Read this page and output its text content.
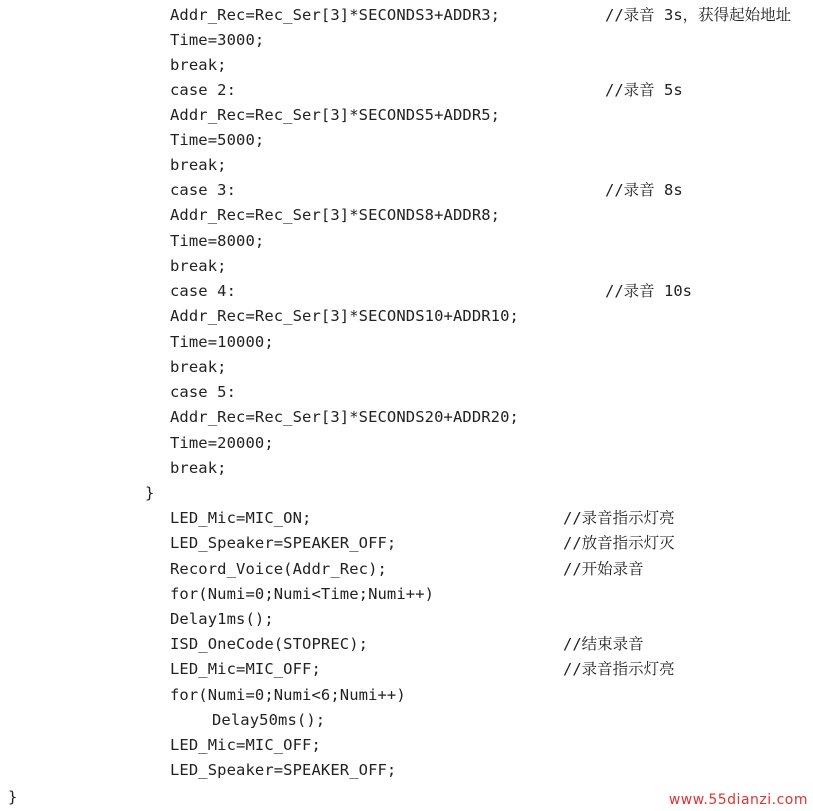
Addr_Rec=Rec_Ser[3]*SECONDS3+ADDR3;	//录音 3s，获得起始地址
Time=3000;
break;
case 2:	//录音 5s
Addr_Rec=Rec_Ser[3]*SECONDS5+ADDR5;
Time=5000;
break;
case 3:	//录音 8s
Addr_Rec=Rec_Ser[3]*SECONDS8+ADDR8;
Time=8000;
break;
case 4:	//录音 10s
Addr_Rec=Rec_Ser[3]*SECONDS10+ADDR10;
Time=10000;
break;
case 5:
Addr_Rec=Rec_Ser[3]*SECONDS20+ADDR20;
Time=20000;
break;
}
LED_Mic=MIC_ON;	//录音指示灯亮
LED_Speaker=SPEAKER_OFF;	//放音指示灯灭
Record_Voice(Addr_Rec);	//开始录音
for(Numi=0;Numi<Time;Numi++)
Delay1ms();
ISD_OneCode(STOPREC);	//结束录音
LED_Mic=MIC_OFF;	//录音指示灯亮
for(Numi=0;Numi<6;Numi++)
Delay50ms();
LED_Mic=MIC_OFF;
LED_Speaker=SPEAKER_OFF;
}	www.55dianzi.com
